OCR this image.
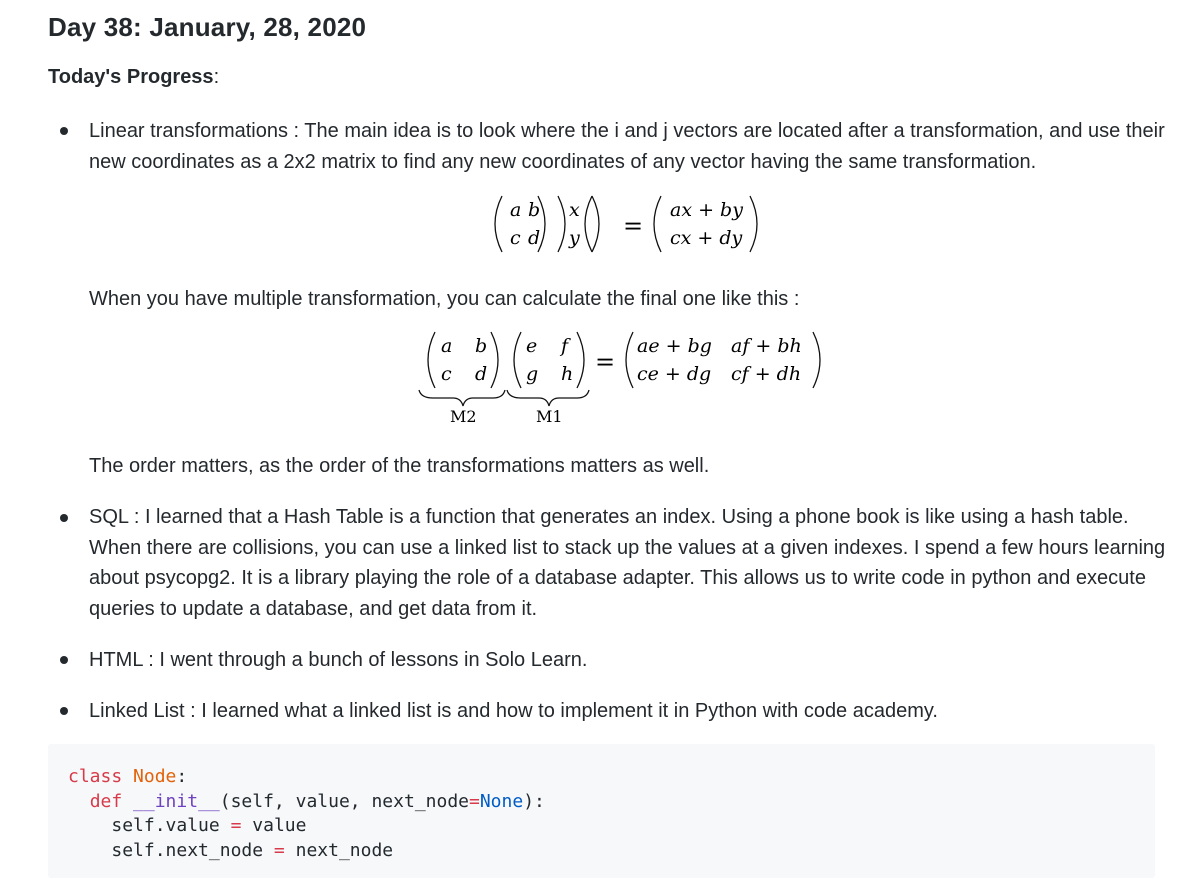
Day 38: January, 28, 2020
Today's Progress:

Linear transformations : The main idea is to look where the i and j vectors are located after a transformation, and use their
new coordinates as a 2x2 matrix to find any new coordinates of any vector having the same transformation.

a b
c d
x
y =
ax + by
cx + dy

When you have multiple transformation, you can calculate the final one like this :

a b
c d
e f
g h =
ae + bg af + bh
ce + dg cf + dh
M2	M1

The order matters, as the order of the transformations matters as well.

SQL : I learned that a Hash Table is a function that generates an index. Using a phone book is like using a hash table.
When there are collisions, you can use a linked list to stack up the values at a given indexes. I spend a few hours learning
about psycopg2. It is a library playing the role of a database adapter. This allows us to write code in python and execute
queries to update a database, and get data from it.

HTML : I went through a bunch of lessons in Solo Learn.

Linked List : I learned what a linked list is and how to implement it in Python with code academy.

class Node:
def __init__(self, value, next_node=None):
self.value = value
self.next_node = next_node
